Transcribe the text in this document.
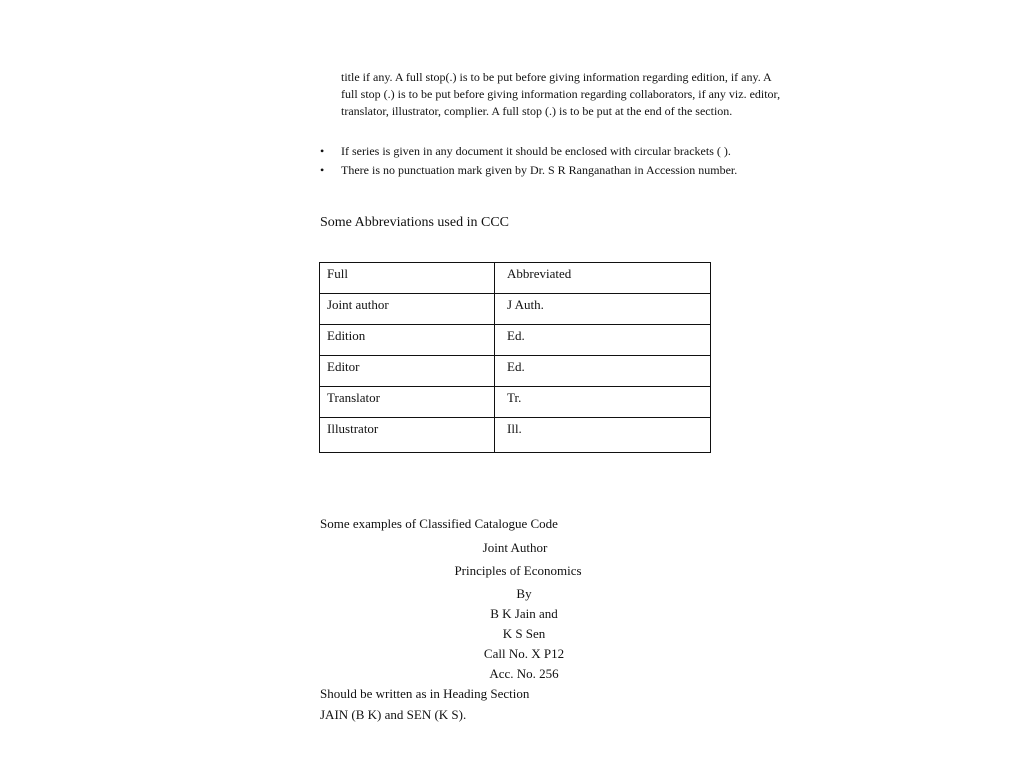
title if any. A full stop(.) is to be put before giving information regarding edition, if any. A full stop (.) is to be put before giving information regarding collaborators, if any viz. editor, translator, illustrator, complier. A full stop (.) is to be put at the end of the section.

• If series is given in any document it should be enclosed with circular brackets ( ).
• There is no punctuation mark given by Dr. S R Ranganathan in Accession number.
Some Abbreviations used in CCC
Full	Abbreviated
Joint author	J Auth.
Edition	Ed.
Editor	Ed.
Translator	Tr.
Illustrator	Ill.
Some examples of Classified Catalogue Code

Joint Author

Principles of Economics

By

B K Jain and

K S Sen

Call No. X P12

Acc. No. 256

Should be written as in Heading Section

JAIN (B K) and SEN (K S).
